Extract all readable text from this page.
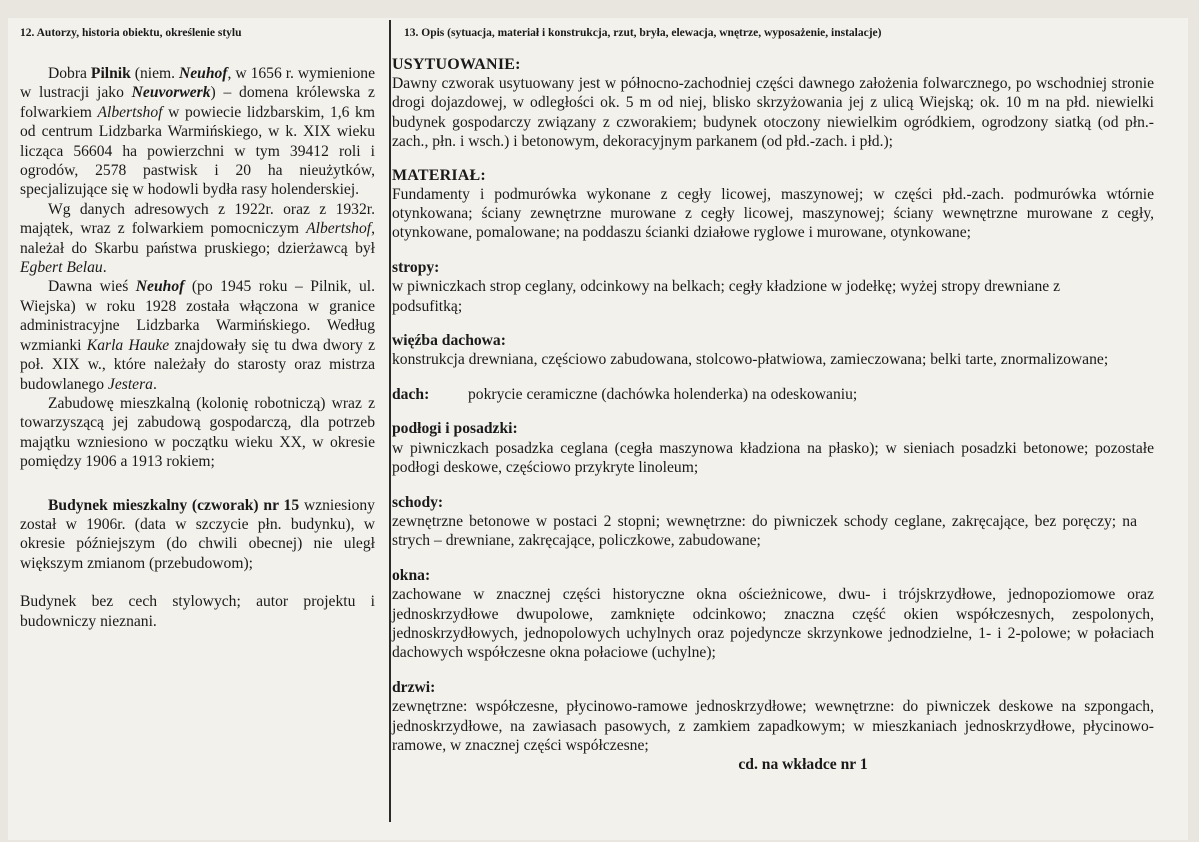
12. Autorzy, historia obiektu, określenie stylu

Dobra Pilnik (niem. Neuhof, w 1656 r. wymienione w lustracji jako Neuvorwerk) – domena królewska z folwarkiem Albertshof w powiecie lidzbarskim, 1,6 km od centrum Lidzbarka Warmińskiego, w k. XIX wieku licząca 56604 ha powierzchni w tym 39412 roli i ogrodów, 2578 pastwisk i 20 ha nieużytków, specjalizujące się w hodowli bydła rasy holenderskiej.

Wg danych adresowych z 1922r. oraz z 1932r. majątek, wraz z folwarkiem pomocniczym Albertshof, należał do Skarbu państwa pruskiego; dzierżawcą był Egbert Belau.

Dawna wieś Neuhof (po 1945 roku – Pilnik, ul. Wiejska) w roku 1928 została włączona w granice administracyjne Lidzbarka Warmińskiego. Według wzmianki Karla Hauke znajdowały się tu dwa dwory z poł. XIX w., które należały do starosty oraz mistrza budowlanego Jestera.

Zabudowę mieszkalną (kolonię robotniczą) wraz z towarzyszącą jej zabudową gospodarczą, dla potrzeb majątku wzniesiono w początku wieku XX, w okresie pomiędzy 1906 a 1913 rokiem;

Budynek mieszkalny (czworak) nr 15 wzniesiony został w 1906r. (data w szczycie płn. budynku), w okresie późniejszym (do chwili obecnej) nie uległ większym zmianom (przebudowom);

Budynek bez cech stylowych; autor projektu i budowniczy nieznani.

13. Opis (sytuacja, materiał i konstrukcja, rzut, bryła, elewacja, wnętrze, wyposażenie, instalacje)

USYTUOWANIE:

Dawny czworak usytuowany jest w północno-zachodniej części dawnego założenia folwarcznego, po wschodniej stronie drogi dojazdowej, w odległości ok. 5 m od niej, blisko skrzyżowania jej z ulicą Wiejską; ok. 10 m na płd. niewielki budynek gospodarczy związany z czworakiem; budynek otoczony niewielkim ogródkiem, ogrodzony siatką (od płn.-zach., płn. i wsch.) i betonowym, dekoracyjnym parkanem (od płd.-zach. i płd.);

MATERIAŁ:

Fundamenty i podmurówka wykonane z cegły licowej, maszynowej; w części płd.-zach. podmurówka wtórnie otynkowana; ściany zewnętrzne murowane z cegły licowej, maszynowej; ściany wewnętrzne murowane z cegły, otynkowane, pomalowane; na poddaszu ścianki działowe ryglowe i murowane, otynkowane;

stropy:

w piwniczkach strop ceglany, odcinkowy na belkach; cegły kładzione w jodełkę; wyżej stropy drewniane z podsufitką;

więźba dachowa:

konstrukcja drewniana, częściowo zabudowana, stolcowo-płatwiowa, zamieczowana; belki tarte, znormalizowane;

dach:	pokrycie ceramiczne (dachówka holenderka) na odeskowaniu;

podłogi i posadzki:

w piwniczkach posadzka ceglana (cegła maszynowa kładziona na płasko); w sieniach posadzki betonowe; pozostałe podłogi deskowe, częściowo przykryte linoleum;

schody:

zewnętrzne betonowe w postaci 2 stopni; wewnętrzne: do piwniczek schody ceglane, zakręcające, bez poręczy; na strych – drewniane, zakręcające, policzkowe, zabudowane;

okna:

zachowane w znacznej części historyczne okna ościeżnicowe, dwu- i trójskrzydłowe, jednopoziomowe oraz jednoskrzydłowe dwupolowe, zamknięte odcinkowo; znaczna część okien współczesnych, zespolonych, jednoskrzydłowych, jednopolowych uchylnych oraz pojedyncze skrzynkowe jednodzielne, 1- i 2-polowe; w połaciach dachowych współczesne okna połaciowe (uchylne);

drzwi:

zewnętrzne: współczesne, płycinowo-ramowe jednoskrzydłowe; wewnętrzne: do piwniczek deskowe na szpongach, jednoskrzydłowe, na zawiasach pasowych, z zamkiem zapadkowym; w mieszkaniach jednoskrzydłowe, płycinowo-ramowe, w znacznej części współczesne;

cd. na wkładce nr 1
